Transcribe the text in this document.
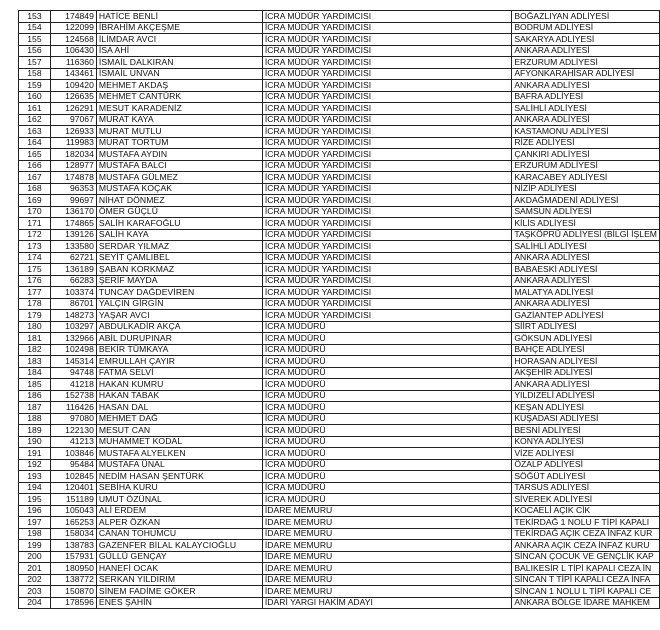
153	174849	HATİCE BENLİ	İCRA MÜDÜR YARDIMCISI	BOĞAZLIYAN ADLİYESİ
154	122099	İBRAHİM AKÇEŞME	İCRA MÜDÜR YARDIMCISI	BODRUM ADLİYESİ
155	124568	İLİMDAR AVCI	İCRA MÜDÜR YARDIMCISI	SAKARYA ADLİYESİ
156	106430	İSA AHİ	İCRA MÜDÜR YARDIMCISI	ANKARA ADLİYESİ
157	116360	İSMAİL DALKIRAN	İCRA MÜDÜR YARDIMCISI	ERZURUM ADLİYESİ
158	143461	İSMAİL UNVAN	İCRA MÜDÜR YARDIMCISI	AFYONKARAHİSAR ADLİYESİ
159	109420	MEHMET AKDAŞ	İCRA MÜDÜR YARDIMCISI	ANKARA ADLİYESİ
160	126635	MEHMET CANTÜRK	İCRA MÜDÜR YARDIMCISI	BAFRA ADLİYESİ
161	126291	MESUT KARADENİZ	İCRA MÜDÜR YARDIMCISI	SALİHLİ ADLİYESİ
162	97067	MURAT KAYA	İCRA MÜDÜR YARDIMCISI	ANKARA ADLİYESİ
163	126933	MURAT MUTLU	İCRA MÜDÜR YARDIMCISI	KASTAMONU ADLİYESİ
164	119983	MURAT TORTUM	İCRA MÜDÜR YARDIMCISI	RİZE ADLİYESİ
165	182034	MUSTAFA AYDIN	İCRA MÜDÜR YARDIMCISI	ÇANKIRI ADLİYESİ
166	128977	MUSTAFA BALCI	İCRA MÜDÜR YARDIMCISI	ERZURUM ADLİYESİ
167	174878	MUSTAFA GÜLMEZ	İCRA MÜDÜR YARDIMCISI	KARACABEY ADLİYESİ
168	96353	MUSTAFA KOÇAK	İCRA MÜDÜR YARDIMCISI	NİZİP ADLİYESİ
169	99697	NİHAT DÖNMEZ	İCRA MÜDÜR YARDIMCISI	AKDAĞMADENİ ADLİYESİ
170	136170	ÖMER GÜÇLÜ	İCRA MÜDÜR YARDIMCISI	SAMSUN ADLİYESİ
171	174865	SALİH KARAFOĞLU	İCRA MÜDÜR YARDIMCISI	KİLİS ADLİYESİ
172	139126	SALİH KAYA	İCRA MÜDÜR YARDIMCISI	TAŞKÖPRÜ ADLİYESİ (BİLGİ İŞLEM
173	133580	SERDAR YILMAZ	İCRA MÜDÜR YARDIMCISI	SALİHLİ ADLİYESİ
174	62721	SEYİT ÇAMLIBEL	İCRA MÜDÜR YARDIMCISI	ANKARA ADLİYESİ
175	136189	ŞABAN KORKMAZ	İCRA MÜDÜR YARDIMCISI	BABAESKİ ADLİYESİ
176	66283	ŞERİF MAYDA	İCRA MÜDÜR YARDIMCISI	ANKARA ADLİYESİ
177	103374	TUNCAY DAĞDEVİREN	İCRA MÜDÜR YARDIMCISI	MALATYA ADLİYESİ
178	86701	YALÇIN GİRGİN	İCRA MÜDÜR YARDIMCISI	ANKARA ADLİYESİ
179	148273	YAŞAR AVCI	İCRA MÜDÜR YARDIMCISI	GAZİANTEP ADLİYESİ
180	103297	ABDULKADİR AKÇA	İCRA MÜDÜRÜ	SİİRT ADLİYESİ
181	132966	ABİL DURUPINAR	İCRA MÜDÜRÜ	GÖKSUN ADLİYESİ
182	102498	BEKİR TÜMKAYA	İCRA MÜDÜRÜ	BAHÇE ADLİYESİ
183	145314	EMRULLAH ÇAYIR	İCRA MÜDÜRÜ	HORASAN ADLİYESİ
184	94748	FATMA SELVİ	İCRA MÜDÜRÜ	AKŞEHİR ADLİYESİ
185	41218	HAKAN KUMRU	İCRA MÜDÜRÜ	ANKARA ADLİYESİ
186	152738	HAKAN TABAK	İCRA MÜDÜRÜ	YILDIZELİ ADLİYESİ
187	116426	HASAN DAL	İCRA MÜDÜRÜ	KEŞAN ADLİYESİ
188	97080	MEHMET DAĞ	İCRA MÜDÜRÜ	KUŞADASI ADLİYESİ
189	122130	MESUT CAN	İCRA MÜDÜRÜ	BESNİ ADLİYESİ
190	41213	MUHAMMET KODAL	İCRA MÜDÜRÜ	KONYA ADLİYESİ
191	103846	MUSTAFA ALYELKEN	İCRA MÜDÜRÜ	VİZE ADLİYESİ
192	95484	MUSTAFA ÜNAL	İCRA MÜDÜRÜ	ÖZALP ADLİYESİ
193	102845	NEDİM HASAN ŞENTÜRK	İCRA MÜDÜRÜ	SÖĞÜT ADLİYESİ
194	120401	SEBİHA KURU	İCRA MÜDÜRÜ	TARSUS ADLİYESİ
195	151189	UMUT ÖZÜNAL	İCRA MÜDÜRÜ	SİVEREK ADLİYESİ
196	105043	ALİ ERDEM	İDARE MEMURU	KOCAELİ AÇIK CİK
197	165253	ALPER ÖZKAN	İDARE MEMURU	TEKİRDAĞ 1 NOLU F TİPİ KAPALI
198	158034	CANAN TOHUMCU	İDARE MEMURU	TEKİRDAĞ AÇIK CEZA İNFAZ KUR
199	138783	GAZENFER BİLAL KALAYCIOĞLU	İDARE MEMURU	ANKARA AÇIK CEZA İNFAZ KURU
200	157931	GÜLLÜ GENÇAY	İDARE MEMURU	SİNCAN ÇOCUK VE GENÇLİK KAP
201	180950	HANEFİ OCAK	İDARE MEMURU	BALIKESİR L TİPİ KAPALI CEZA İN
202	138772	SERKAN YILDIRIM	İDARE MEMURU	SİNCAN T TİPİ KAPALI CEZA İNFA
203	150870	SİNEM FADİME GÖKER	İDARE MEMURU	SİNCAN 1 NOLU L TİPİ KAPALI CE
204	178596	ENES ŞAHİN	İDARİ YARGI HAKİM ADAYI	ANKARA BÖLGE İDARE MAHKEM
